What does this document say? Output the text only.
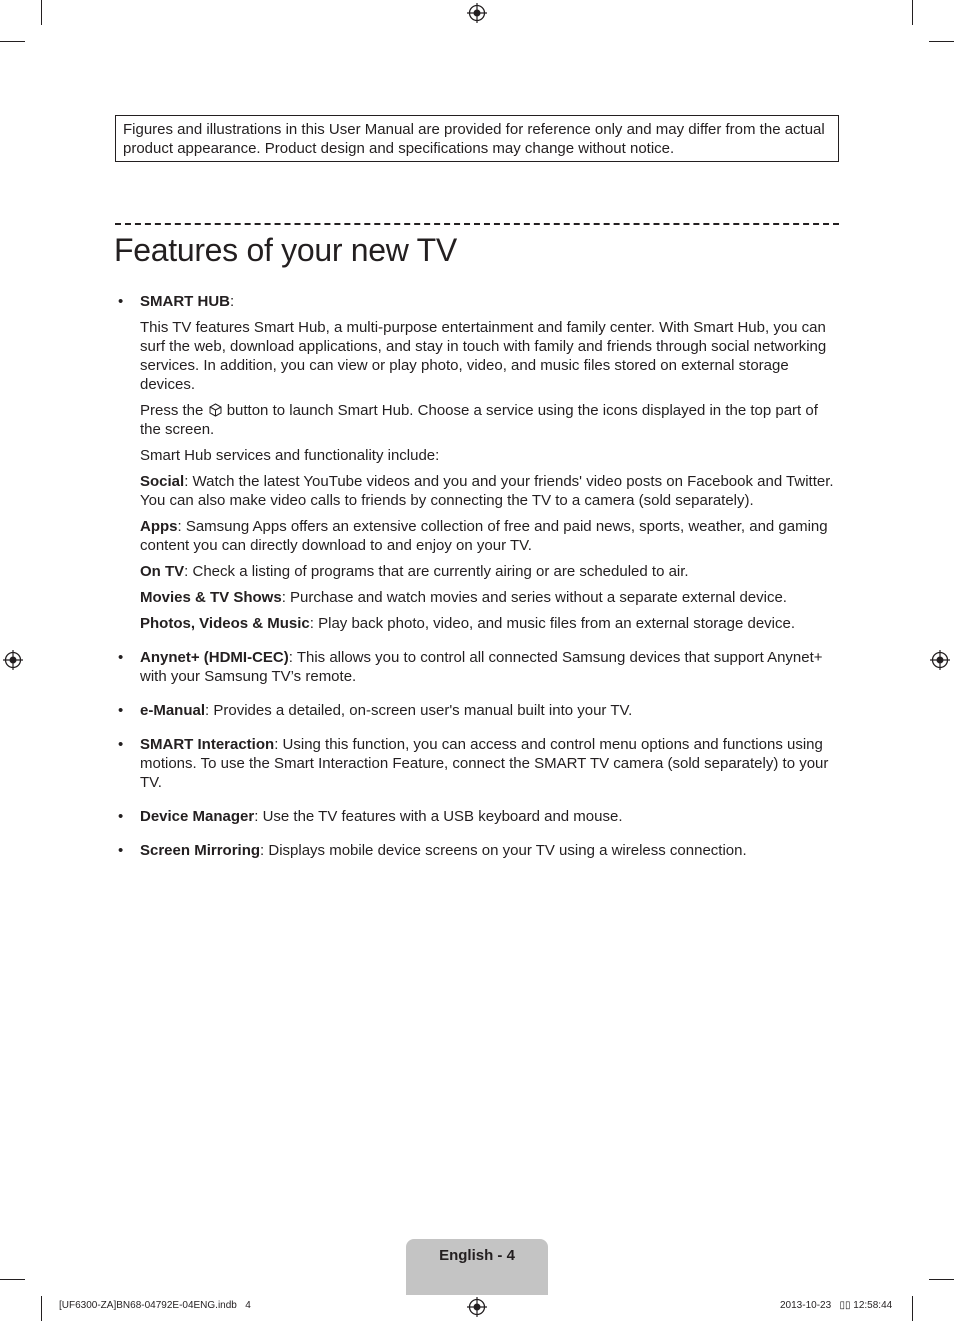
Figures and illustrations in this User Manual are provided for reference only and may differ from the actual product appearance. Product design and specifications may change without notice.
Features of your new TV
• SMART HUB:

This TV features Smart Hub, a multi-purpose entertainment and family center. With Smart Hub, you can surf the web, download applications, and stay in touch with family and friends through social networking services. In addition, you can view or play photo, video, and music files stored on external storage devices.

Press the  button to launch Smart Hub. Choose a service using the icons displayed in the top part of the screen.

Smart Hub services and functionality include:

Social: Watch the latest YouTube videos and you and your friends' video posts on Facebook and Twitter. You can also make video calls to friends by connecting the TV to a camera (sold separately).

Apps: Samsung Apps offers an extensive collection of free and paid news, sports, weather, and gaming content you can directly download to and enjoy on your TV.

On TV: Check a listing of programs that are currently airing or are scheduled to air.

Movies & TV Shows: Purchase and watch movies and series without a separate external device.

Photos, Videos & Music: Play back photo, video, and music files from an external storage device.

• Anynet+ (HDMI-CEC): This allows you to control all connected Samsung devices that support Anynet+ with your Samsung TV’s remote.

• e-Manual: Provides a detailed, on-screen user's manual built into your TV.

• SMART Interaction: Using this function, you can access and control menu options and functions using motions. To use the Smart Interaction Feature, connect the SMART TV camera (sold separately) to your TV.

• Device Manager: Use the TV features with a USB keyboard and mouse.

• Screen Mirroring: Displays mobile device screens on your TV using a wireless connection.

English - 4
[UF6300-ZA]BN68-04792E-04ENG.indb   4	2013-10-23   ▯▯ 12:58:44
